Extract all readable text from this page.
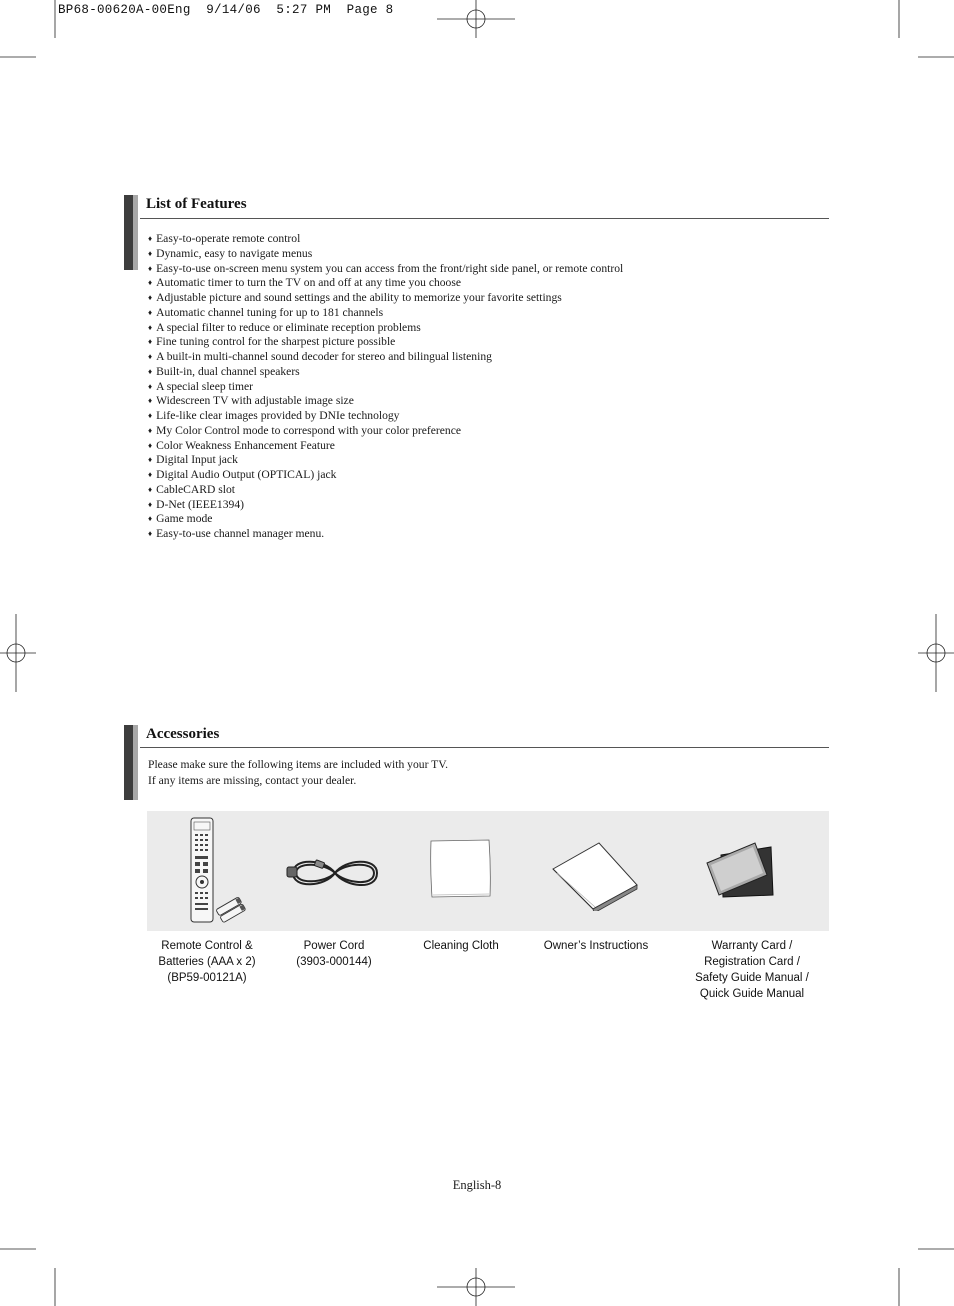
BP68-00620A-00Eng  9/14/06  5:27 PM  Page 8
List of Features
♦ Easy-to-operate remote control
♦ Dynamic, easy to navigate menus
♦ Easy-to-use on-screen menu system you can access from the front/right side panel, or remote control
♦ Automatic timer to turn the TV on and off at any time you choose
♦ Adjustable picture and sound settings and the ability to memorize your favorite settings
♦ Automatic channel tuning for up to 181 channels
♦ A special filter to reduce or eliminate reception problems
♦ Fine tuning control for the sharpest picture possible
♦ A built-in multi-channel sound decoder for stereo and bilingual listening
♦ Built-in, dual channel speakers
♦ A special sleep timer
♦ Widescreen TV with adjustable image size
♦ Life-like clear images provided by DNIe technology
♦ My Color Control mode to correspond with your color preference
♦ Color Weakness Enhancement Feature
♦ Digital Input jack
♦ Digital Audio Output (OPTICAL) jack
♦ CableCARD slot
♦ D-Net (IEEE1394)
♦ Game mode
♦ Easy-to-use channel manager menu.
Accessories
Please make sure the following items are included with your TV.
If any items are missing, contact your dealer.
Remote Control &
Batteries (AAA x 2)
(BP59-00121A)
Power Cord
(3903-000144)
Cleaning Cloth	Owner’s Instructions	Warranty Card /
Registration Card /
Safety Guide Manual /
Quick Guide Manual
English-8
